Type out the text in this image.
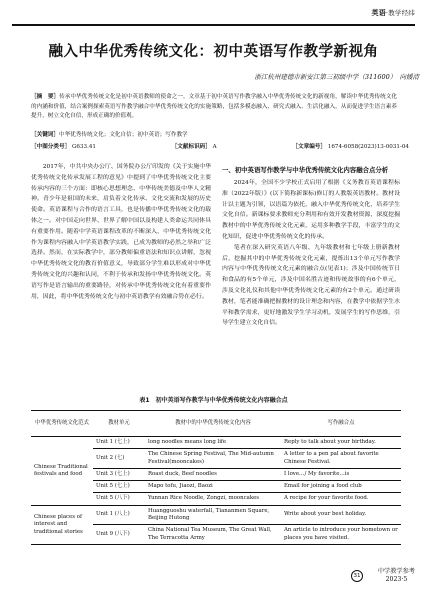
英语·教学经纬
融入中华优秀传统文化：初中英语写作教学新视角
浙江杭州建德市新安江第三初级中学（311600）　向媛清
［摘　要］传承中华优秀传统文化是初中英语教师的使命之一。文章基于初中英语写作教学融入中华优秀传统文化的新视角，解读中华优秀传统文化的内涵和价值，结合案例探索英语写作教学融合中华优秀传统文化的实施策略，包括多模态融入、研究式融入、生活化融入，从而促进学生语言素养提升，树立文化自信，形成正确的价值观。
［关键词］中华优秀传统文化；文化自信；初中英语；写作教学
［中图分类号］ G633.41	［文献标识码］ A	［文章编号］ 1674-6058(2023)13-0031-04

2017年，中共中央办公厅、国务院办公厅印发的《关于实施中华优秀传统文化传承发展工程的意见》中提到了中华优秀传统文化主要传承内容的三个方面：即核心思想理念、中华传统美德及中华人文精神。青少年是祖国的未来，肩负着文化传承、文化交流和发展的历史使命。英语课程与合作的语言工具，也是传播中华优秀传统文化的载体之一。对中国走向世界、世界了解中国以及构建人类命运共同体具有重要作用。随着中学英语课程改革的不断深入，中华优秀传统文化作为课程内容融入中学英语教学实践，已成为教师的必然之举和广泛选择。然而，在实际教学中，部分教师偏重语法和知识点讲解，忽视中华优秀传统文化的教育价值意义，导致部分学生难以形成对中华优秀传统文化的兴趣和认同，不利于传承和发扬中华优秀传统文化。英语写作是语言输出的重要路径，对传承中华优秀传统文化有着重要作用，因此，将中华优秀传统文化与初中英语教学有效融合势在必行。

一、初中英语写作教学与中华优秀传统文化内容融合点分析

2024年，全国不少学校正式启用了根据《义务教育英语课程标准（2022年版）》(以下简称新课标)修订的人教版英语教材。教材设计以主题为引领，以语篇为依托，融入中华优秀传统文化，培养学生文化自信。新课标要求教师充分利用和有效开发教材资源，深度挖掘教材中的中华优秀传统文化元素，运用多种教学手段，丰富学生的文化知识，促进中华优秀传统文化的传承。

笔者在深入研究英语八年级、九年级教材和七年级上册新教材后，挖掘其中的中华优秀传统文化元素，提炼出13个单元写作教学内容与中华优秀传统文化元素的融合点(见表1)；涉及中国传统节日和食品的有5个单元，涉及中国名胜古迹和传统故事的有6个单元，涉及文化礼仪和其他中华优秀传统文化元素的有2个单元。通过研读教材，笔者能准确把握教材的设计理念和内容，在教学中依据学生水平和教学需求，更好地激发学生学习动机，发展学生的写作思维，引导学生建立文化自信。

表1　初中英语写作教学与中华优秀传统文化内容融合点
中华优秀传统文化范式	教材单元	教材中的中华优秀传统文化内容	写作融合点
Chinese Traditional festivals and food	Unit 1 (七上)	long noodles means long life	Reply to talk about your birthday.
	Unit 2 (七)	The Chinese Spring Festival, The Mid-autumn Festival(mooncakes)	A letter to a pen pal about favorite Chinese Festival.
	Unit 3 (七上)	Roast duck, Beef noodles	I love…/ My favorite…is
	Unit 5 (七上)	Mapo tofu, Jiaozi, Baozi	Email for joining a food club
	Unit 5 (八下)	Yunnan Rice Noodle, Zongzi, mooncakes	A recipe for your favorite food.
Chinese places of interest and traditional stories	Unit 1 (八上)	Huangguoshu waterfall, Tiananmen Square, Beijing Hutong	Write about your best holiday.
	Unit 9 (八下)	China National Tea Museum, The Great Wall, The Terracotta Army	An article to introduce your hometown or places you have visited.
31
中学教学参考
2023·5
